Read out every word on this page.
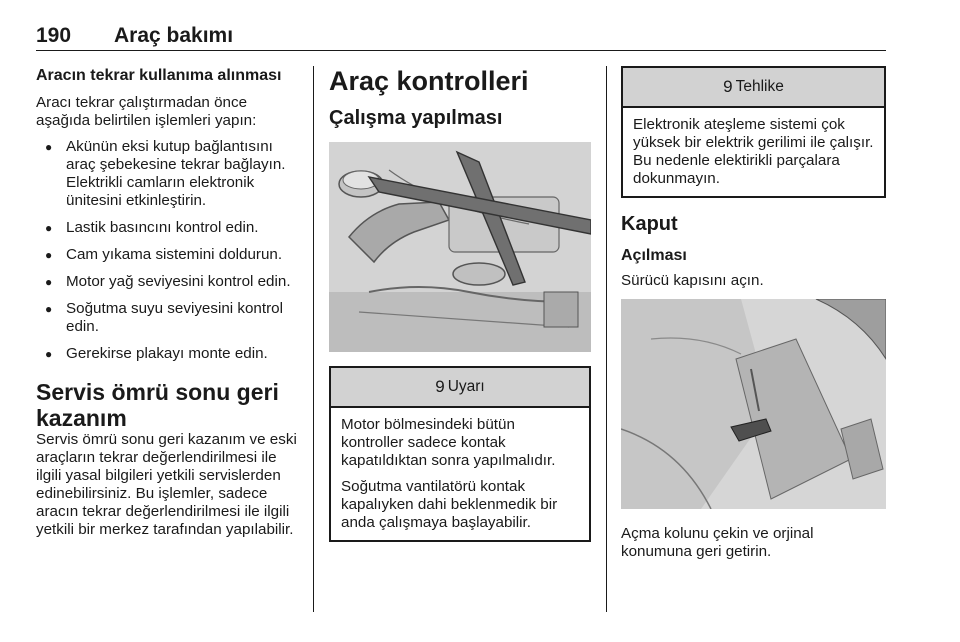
190 Araç bakımı
Aracın tekrar kullanıma alınması

Aracı tekrar çalıştırmadan önce aşağıda belirtilen işlemleri yapın:

● Akünün eksi kutup bağlantısını araç şebekesine tekrar bağlayın. Elektrikli camların elektronik ünitesini etkinleştirin.
● Lastik basıncını kontrol edin.
● Cam yıkama sistemini doldurun.
● Motor yağ seviyesini kontrol edin.
● Soğutma suyu seviyesini kontrol edin.
● Gerekirse plakayı monte edin.
Servis ömrü sonu geri kazanım

Servis ömrü sonu geri kazanım ve eski araçların tekrar değerlendirilmesi ile ilgili yasal bilgileri yetkili servislerden edinebilirsiniz. Bu işlemler, sadece aracın tekrar değerlendirilmesi ile ilgili yetkili bir merkez tarafından yapılabilir.

Araç kontrolleri
Çalışma yapılması
9 Uyarı

Motor bölmesindeki bütün kontroller sadece kontak kapatıldıktan sonra yapılmalıdır.

Soğutma vantilatörü kontak kapalıyken dahi beklenmedik bir anda çalışmaya başlayabilir.

9 Tehlike

Elektronik ateşleme sistemi çok yüksek bir elektrik gerilimi ile çalışır. Bu nedenle elektirikli parçalara dokunmayın.

Kaput
Açılması

Sürücü kapısını açın.

Açma kolunu çekin ve orjinal konumuna geri getirin.
